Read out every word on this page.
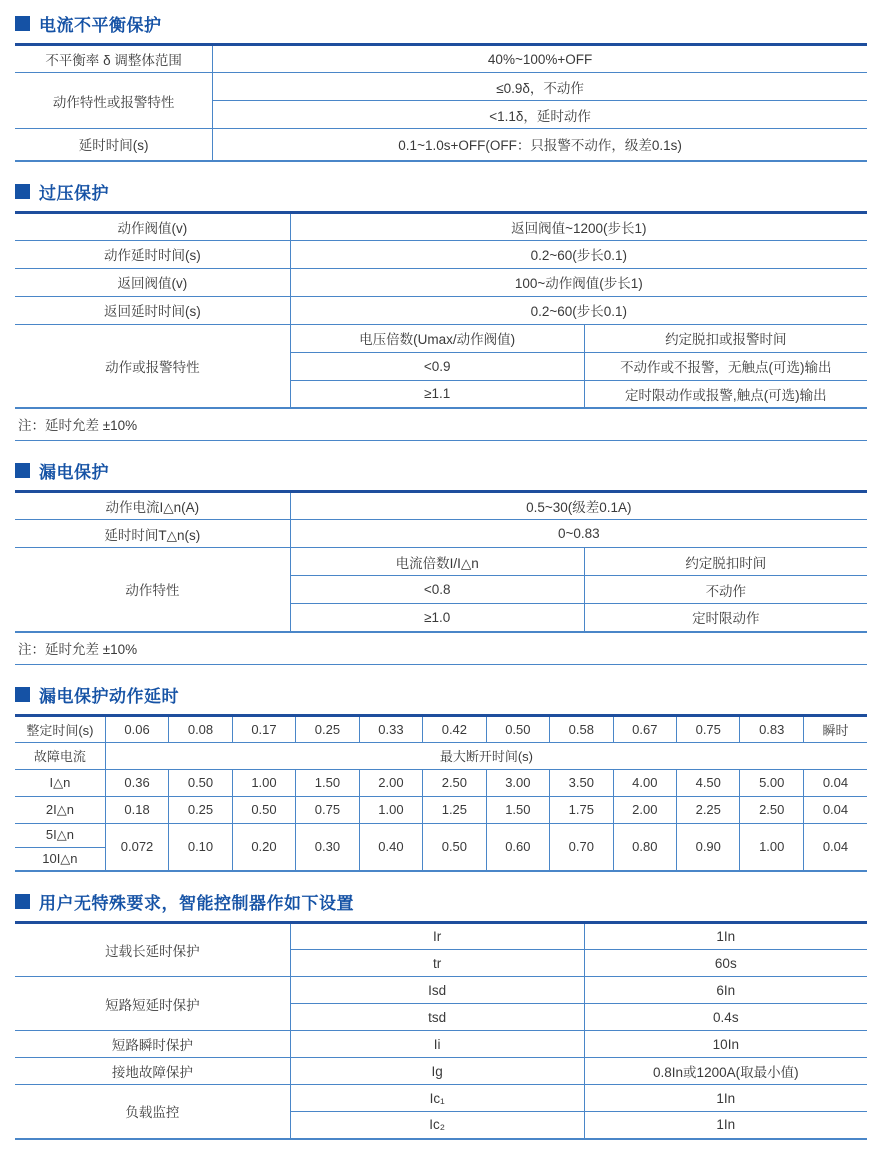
电流不平衡保护
不平衡率 δ 调整体范围	40%~100%+OFF
动作特性或报警特性	≤0.9δ，不动作
	<1.1δ，延时动作
延时时间(s)	0.1~1.0s+OFF(OFF：只报警不动作，级差0.1s)
过压保护
动作阀值(v)	返回阀值~1200(步长1)	
动作延时时间(s)	0.2~60(步长0.1)	
返回阀值(v)	100~动作阀值(步长1)	
返回延时时间(s)	0.2~60(步长0.1)	
动作或报警特性	电压倍数(Umax/动作阀值)	约定脱扣或报警时间
	<0.9	不动作或不报警，无触点(可选)输出
	≥1.1	定时限动作或报警,触点(可选)输出
注：延时允差 ±10%
漏电保护
动作电流I△n(A)	0.5~30(级差0.1A)	
延时时间T△n(s)	0~0.83	
动作特性	电流倍数I/I△n	约定脱扣时间
	<0.8	不动作
	≥1.0	定时限动作
注：延时允差 ±10%
漏电保护动作延时
整定时间(s)	0.06	0.08	0.17	0.25	0.33	0.42	0.50	0.58	0.67	0.75	0.83	瞬时
故障电流	最大断开时间(s)											
I△n	0.36	0.50	1.00	1.50	2.00	2.50	3.00	3.50	4.00	4.50	5.00	0.04
2I△n	0.18	0.25	0.50	0.75	1.00	1.25	1.50	1.75	2.00	2.25	2.50	0.04
5I△n	0.072	0.10	0.20	0.30	0.40	0.50	0.60	0.70	0.80	0.90	1.00	0.04
10I△n												
用户无特殊要求，智能控制器作如下设置
过载长延时保护	Ir	1In
	tr	60s
短路短延时保护	Isd	6In
	tsd	0.4s
短路瞬时保护	Ii	10In
接地故障保护	Ig	0.8In或1200A(取最小值)
负载监控	Ic₁	1In
	Ic₂	1In
